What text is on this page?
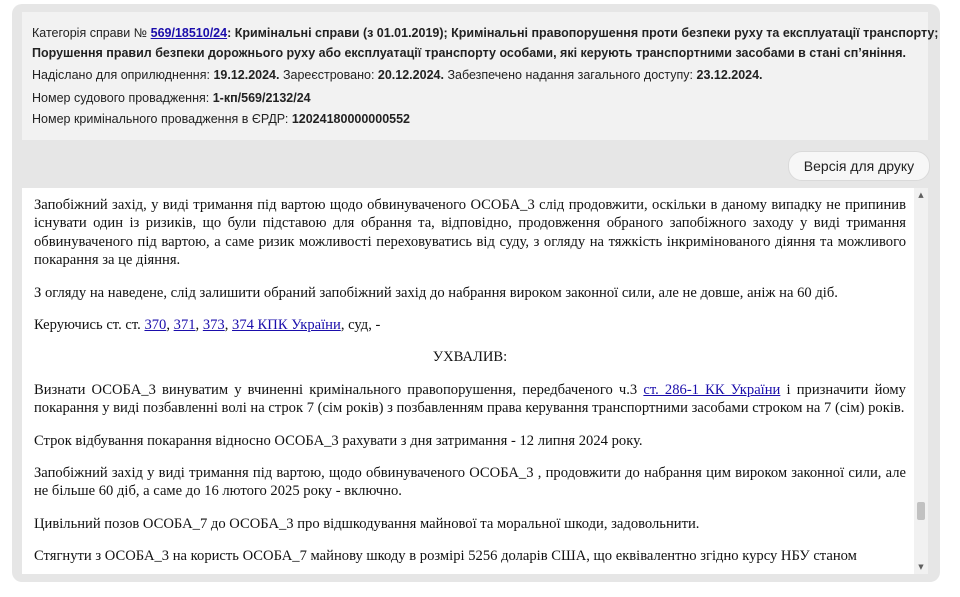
Категорія справи № 569/18510/24: Кримінальні справи (з 01.01.2019); Кримінальні правопорушення проти безпеки руху та експлуатації транспорту;
Порушення правил безпеки дорожнього руху або експлуатації транспорту особами, які керують транспортними засобами в стані сп’яніння.
Надіслано для оприлюднення: 19.12.2024. Зареєстровано: 20.12.2024. Забезпечено надання загального доступу: 23.12.2024.
Номер судового провадження: 1-кп/569/2132/24
Номер кримінального провадження в ЄРДР: 12024180000000552
Версія для друку

Запобіжний захід, у виді тримання під вартою щодо обвинуваченого ОСОБА_3 слід продовжити, оскільки в даному випадку не припинив існувати один із ризиків, що були підставою для обрання та, відповідно, продовження обраного запобіжного заходу у виді тримання обвинуваченого під вартою, а саме ризик можливості переховуватись від суду, з огляду на тяжкість інкримінованого діяння та можливого покарання за це діяння.

З огляду на наведене, слід залишити обраний запобіжний захід до набрання вироком законної сили, але не довше, аніж на 60 діб.

Керуючись ст. ст. 370, 371, 373, 374 КПК України, суд, -

УХВАЛИВ:

Визнати ОСОБА_3 винуватим у вчиненні кримінального правопорушення, передбаченого ч.3 ст. 286-1 КК України і призначити йому покарання у виді позбавленні волі на строк 7 (сім років) з позбавленням права керування транспортними засобами строком на 7 (сім) років.

Строк відбування покарання відносно ОСОБА_3 рахувати з дня затримання - 12 липня 2024 року.

Запобіжний захід у виді тримання під вартою, щодо обвинуваченого ОСОБА_3 , продовжити до набрання цим вироком законної сили, але не більше 60 діб, а саме до 16 лютого 2025 року - включно.

Цивільний позов ОСОБА_7 до ОСОБА_3 про відшкодування майнової та моральної шкоди, задовольнити.

Стягнути з ОСОБА_3 на користь ОСОБА_7 майнову шкоду в розмірі 5256 доларів США, що еквівалентно згідно курсу НБУ станом

▲
▼
